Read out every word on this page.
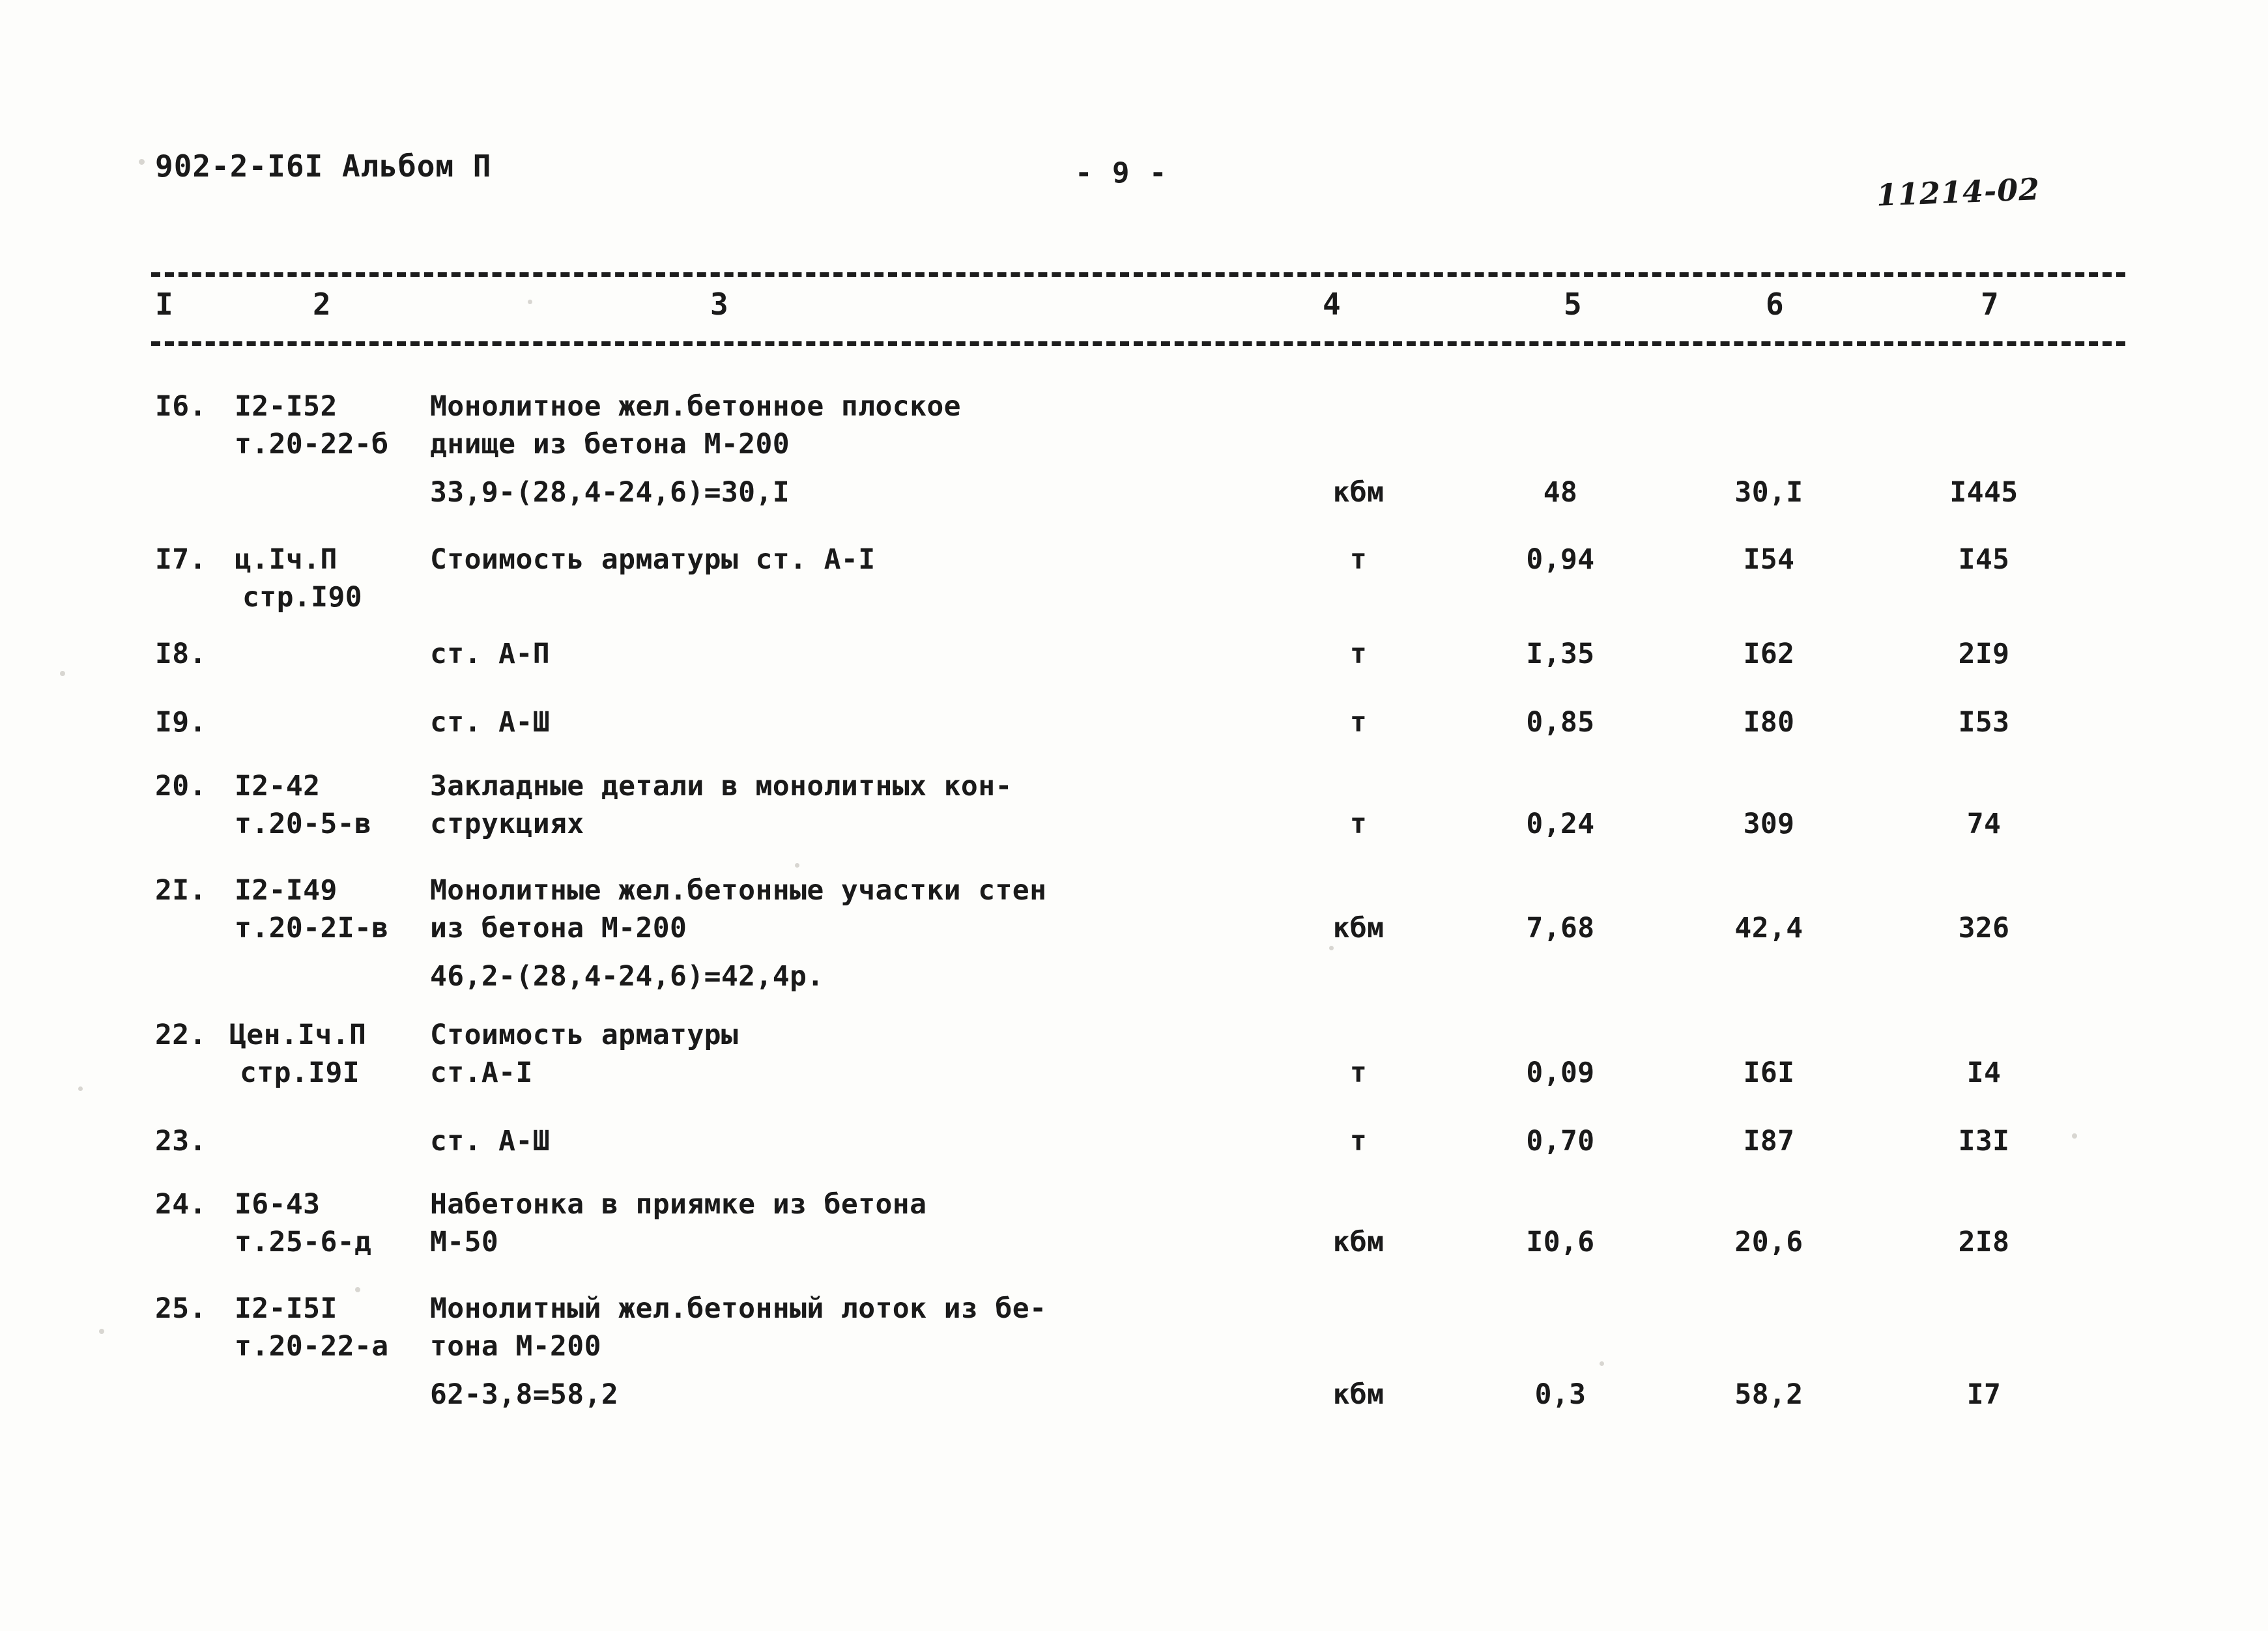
902-2-I6I Альбом П	- 9 -	11214-02
I	2	3	4	5	6	7
I6.	I2-I52
т.20-22-б
Монолитное жел.бетонное плоское
днище из бетона М-200
33,9-(28,4-24,6)=30,I	кбм	48	30,I	I445
I7.	ц.Iч.П
стр.I90
Стоимость арматуры ст. А-I	т	0,94	I54	I45
I8.	ст. А-П	т	I,35	I62	2I9
I9.	ст. А-Ш	т	0,85	I80	I53
20.	I2-42
т.20-5-в
Закладные детали в монолитных кон-
струкциях	т	0,24	309	74
2I.	I2-I49
т.20-2I-в
Монолитные жел.бетонные участки стен
из бетона М-200
46,2-(28,4-24,6)=42,4р.
кбм	7,68	42,4	326
22. Цен.Iч.П
стр.I9I
Стоимость арматуры
ст.А-I	т	0,09	I6I	I4
23.	ст. А-Ш	т	0,70	I87	I3I
24.	I6-43
т.25-6-д
Набетонка в приямке из бетона
М-50	кбм	I0,6	20,6	2I8
25.	I2-I5I
т.20-22-а
Монолитный жел.бетонный лоток из бе-
тона М-200
62-3,8=58,2	кбм	0,3	58,2	I7
